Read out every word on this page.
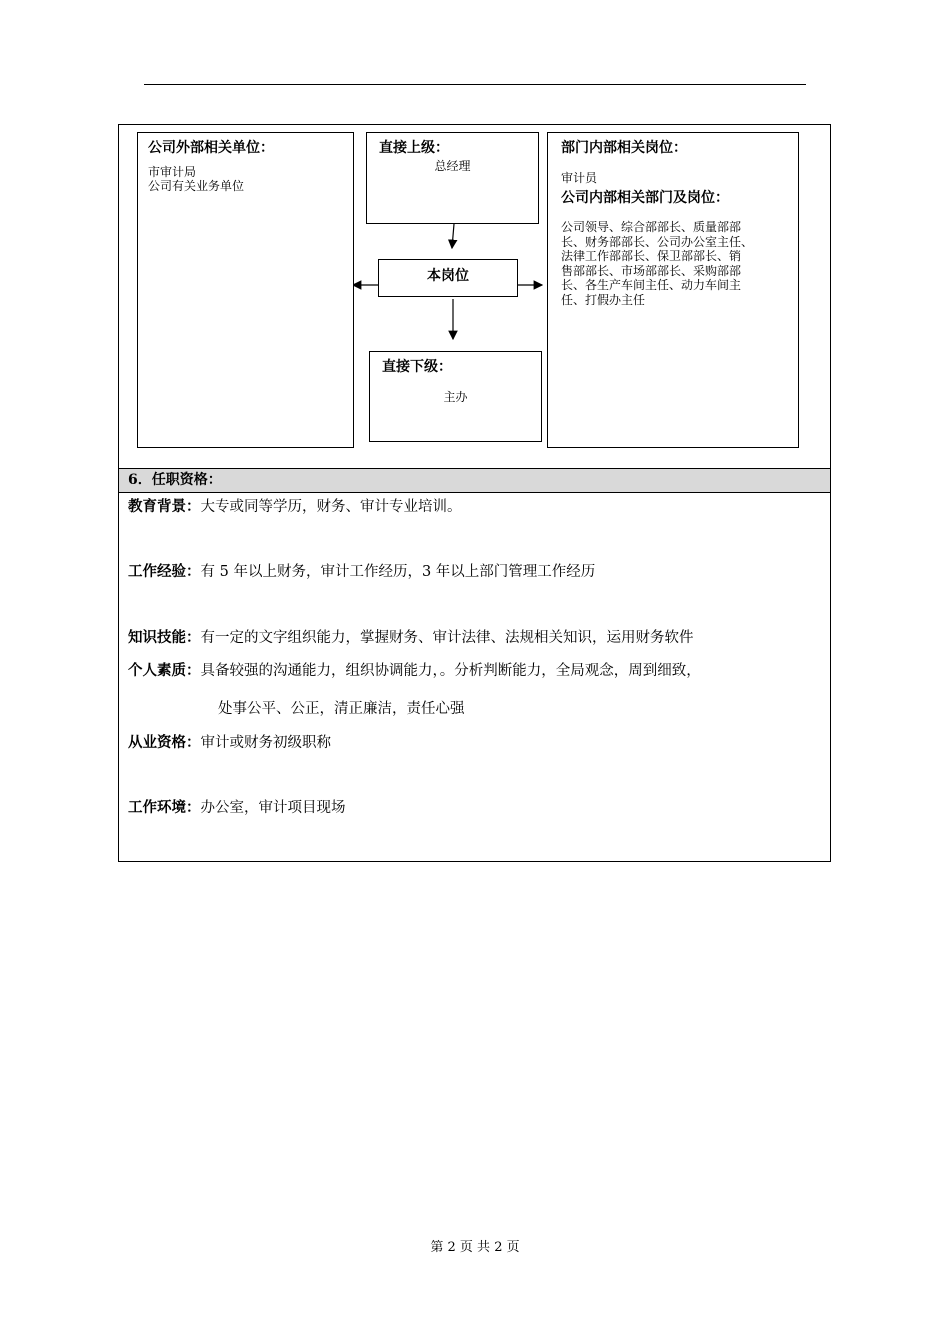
公司外部相关单位：
市审计局
公司有关业务单位
直接上级：
总经理
本岗位
直接下级：
主办
部门内部相关岗位：
审计员
公司内部相关部门及岗位：
公司领导、综合部部长、质量部部
长、财务部部长、公司办公室主任、
法律工作部部长、保卫部部长、销
售部部长、市场部部长、采购部部
长、各生产车间主任、动力车间主
任、打假办主任
6．任职资格：
教育背景：大专或同等学历，财务、审计专业培训。
工作经验：有 5 年以上财务，审计工作经历，3 年以上部门管理工作经历
知识技能：有一定的文字组织能力，掌握财务、审计法律、法规相关知识，运用财务软件
个人素质：具备较强的沟通能力，组织协调能力，。分析判断能力，全局观念，周到细致，
处事公平、公正，清正廉洁，责任心强
从业资格：审计或财务初级职称
工作环境：办公室，审计项目现场
第 2 页 共 2 页
